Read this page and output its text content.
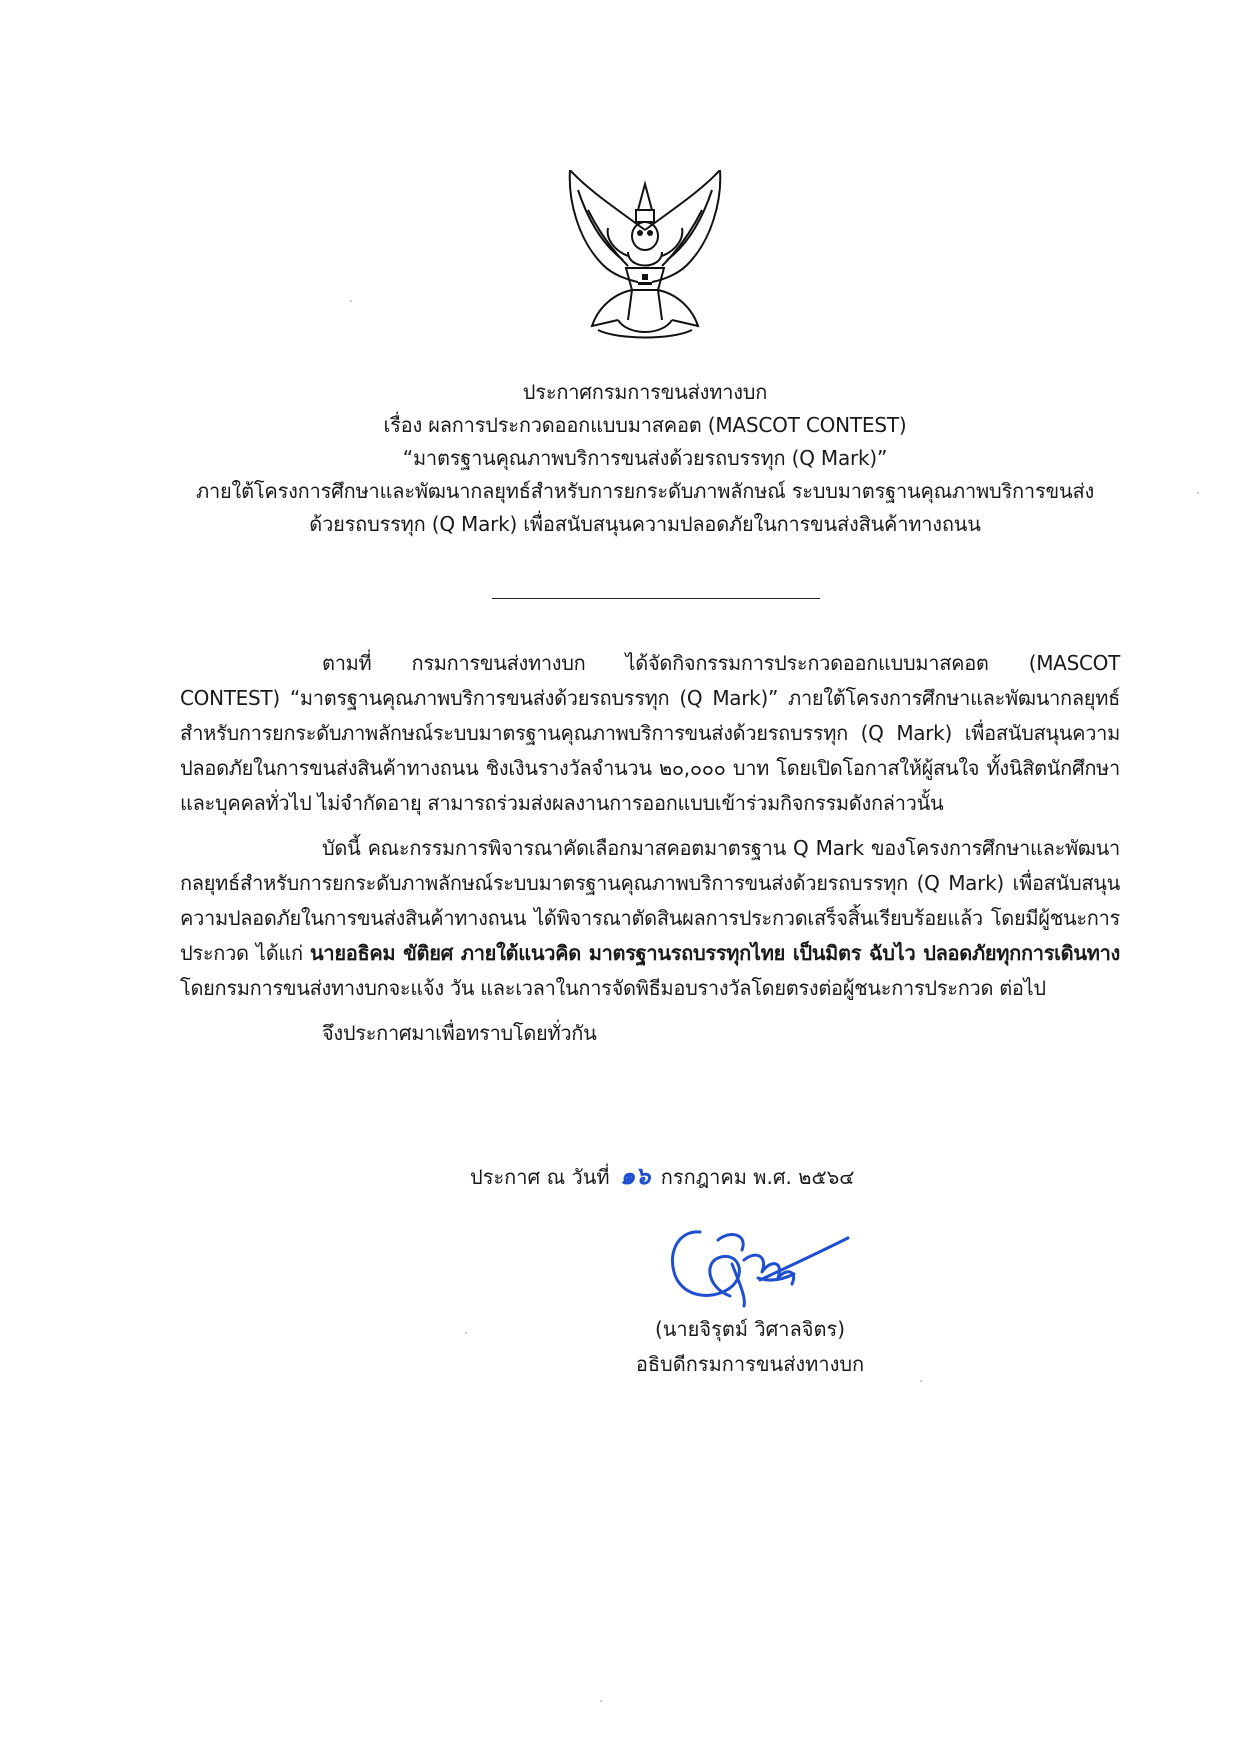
ประกาศกรมการขนส่งทางบก
เรื่อง ผลการประกวดออกแบบมาสคอต (MASCOT CONTEST)
“มาตรฐานคุณภาพบริการขนส่งด้วยรถบรรทุก (Q Mark)”
ภายใต้โครงการศึกษาและพัฒนากลยุทธ์สำหรับการยกระดับภาพลักษณ์ ระบบมาตรฐานคุณภาพบริการขนส่ง
ด้วยรถบรรทุก (Q Mark) เพื่อสนับสนุนความปลอดภัยในการขนส่งสินค้าทางถนน

ตามที่ กรมการขนส่งทางบก ได้จัดกิจกรรมการประกวดออกแบบมาสคอต (MASCOT CONTEST) “มาตรฐานคุณภาพบริการขนส่งด้วยรถบรรทุก (Q Mark)” ภายใต้โครงการศึกษาและพัฒนากลยุทธ์สำหรับการยกระดับภาพลักษณ์ระบบมาตรฐานคุณภาพบริการขนส่งด้วยรถบรรทุก (Q Mark) เพื่อสนับสนุนความปลอดภัยในการขนส่งสินค้าทางถนน ชิงเงินรางวัลจำนวน ๒๐,๐๐๐ บาท โดยเปิดโอกาสให้ผู้สนใจ ทั้งนิสิตนักศึกษาและบุคคลทั่วไป ไม่จำกัดอายุ สามารถร่วมส่งผลงานการออกแบบเข้าร่วมกิจกรรมดังกล่าวนั้น

บัดนี้ คณะกรรมการพิจารณาคัดเลือกมาสคอตมาตรฐาน Q Mark ของโครงการศึกษาและพัฒนากลยุทธ์สำหรับการยกระดับภาพลักษณ์ระบบมาตรฐานคุณภาพบริการขนส่งด้วยรถบรรทุก (Q Mark) เพื่อสนับสนุนความปลอดภัยในการขนส่งสินค้าทางถนน ได้พิจารณาตัดสินผลการประกวดเสร็จสิ้นเรียบร้อยแล้ว โดยมีผู้ชนะการประกวด ได้แก่ นายอธิคม ขัติยศ ภายใต้แนวคิด มาตรฐานรถบรรทุกไทย เป็นมิตร ฉับไว ปลอดภัยทุกการเดินทาง โดยกรมการขนส่งทางบกจะแจ้ง วัน และเวลาในการจัดพิธีมอบรางวัลโดยตรงต่อผู้ชนะการประกวด ต่อไป

จึงประกาศมาเพื่อทราบโดยทั่วกัน

ประกาศ ณ วันที่ ๑๖ กรกฎาคม พ.ศ. ๒๕๖๔
(นายจิรุตม์ วิศาลจิตร)
อธิบดีกรมการขนส่งทางบก
